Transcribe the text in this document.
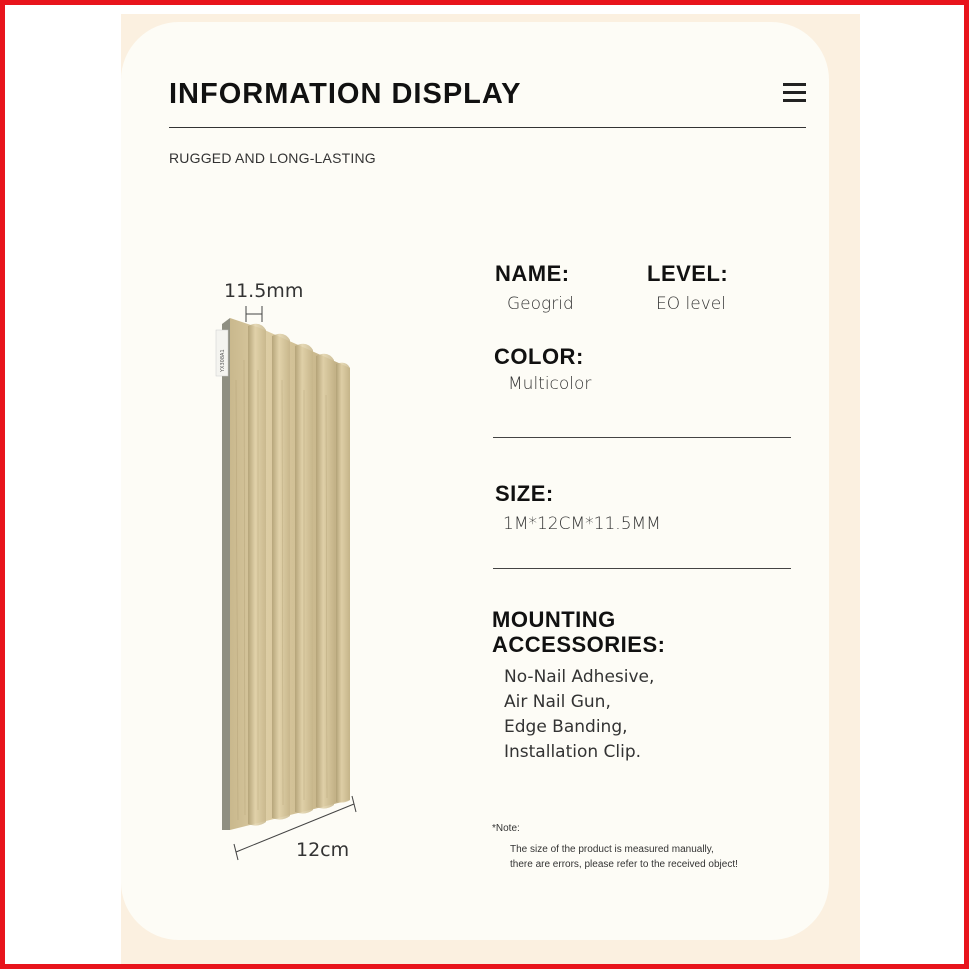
INFORMATION DISPLAY
RUGGED AND LONG-LASTING
YX308A1
11.5mm
12cm
NAME:
Geogrid
LEVEL:
EO level
COLOR:
Multicolor
SIZE:
1M*12CM*11.5MM
MOUNTING
ACCESSORIES:
No-Nail Adhesive,
Air Nail Gun,
Edge Banding,
Installation Clip.
*Note:
The size of the product is measured manually,
there are errors, please refer to the received object!
